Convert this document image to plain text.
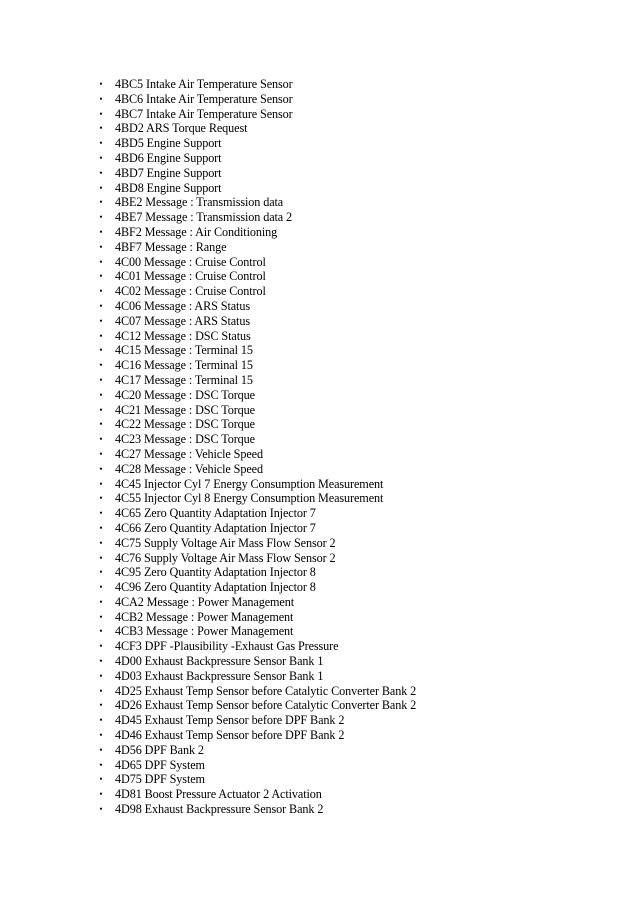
•	4BC5 Intake Air Temperature Sensor
•	4BC6 Intake Air Temperature Sensor
•	4BC7 Intake Air Temperature Sensor
•	4BD2 ARS Torque Request
•	4BD5 Engine Support
•	4BD6 Engine Support
•	4BD7 Engine Support
•	4BD8 Engine Support
•	4BE2 Message : Transmission data
•	4BE7 Message : Transmission data 2
•	4BF2 Message : Air Conditioning
•	4BF7 Message : Range
•	4C00 Message : Cruise Control
•	4C01 Message : Cruise Control
•	4C02 Message : Cruise Control
•	4C06 Message : ARS Status
•	4C07 Message : ARS Status
•	4C12 Message : DSC Status
•	4C15 Message : Terminal 15
•	4C16 Message : Terminal 15
•	4C17 Message : Terminal 15
•	4C20 Message : DSC Torque
•	4C21 Message : DSC Torque
•	4C22 Message : DSC Torque
•	4C23 Message : DSC Torque
•	4C27 Message : Vehicle Speed
•	4C28 Message : Vehicle Speed
•	4C45 Injector Cyl 7 Energy Consumption Measurement
•	4C55 Injector Cyl 8 Energy Consumption Measurement
•	4C65 Zero Quantity Adaptation Injector 7
•	4C66 Zero Quantity Adaptation Injector 7
•	4C75 Supply Voltage Air Mass Flow Sensor 2
•	4C76 Supply Voltage Air Mass Flow Sensor 2
•	4C95 Zero Quantity Adaptation Injector 8
•	4C96 Zero Quantity Adaptation Injector 8
•	4CA2 Message : Power Management
•	4CB2 Message : Power Management
•	4CB3 Message : Power Management
•	4CF3 DPF -Plausibility -Exhaust Gas Pressure
•	4D00 Exhaust Backpressure Sensor Bank 1
•	4D03 Exhaust Backpressure Sensor Bank 1
•	4D25 Exhaust Temp Sensor before Catalytic Converter Bank 2
•	4D26 Exhaust Temp Sensor before Catalytic Converter Bank 2
•	4D45 Exhaust Temp Sensor before DPF Bank 2
•	4D46 Exhaust Temp Sensor before DPF Bank 2
•	4D56 DPF Bank 2
•	4D65 DPF System
•	4D75 DPF System
•	4D81 Boost Pressure Actuator 2 Activation
•	4D98 Exhaust Backpressure Sensor Bank 2
